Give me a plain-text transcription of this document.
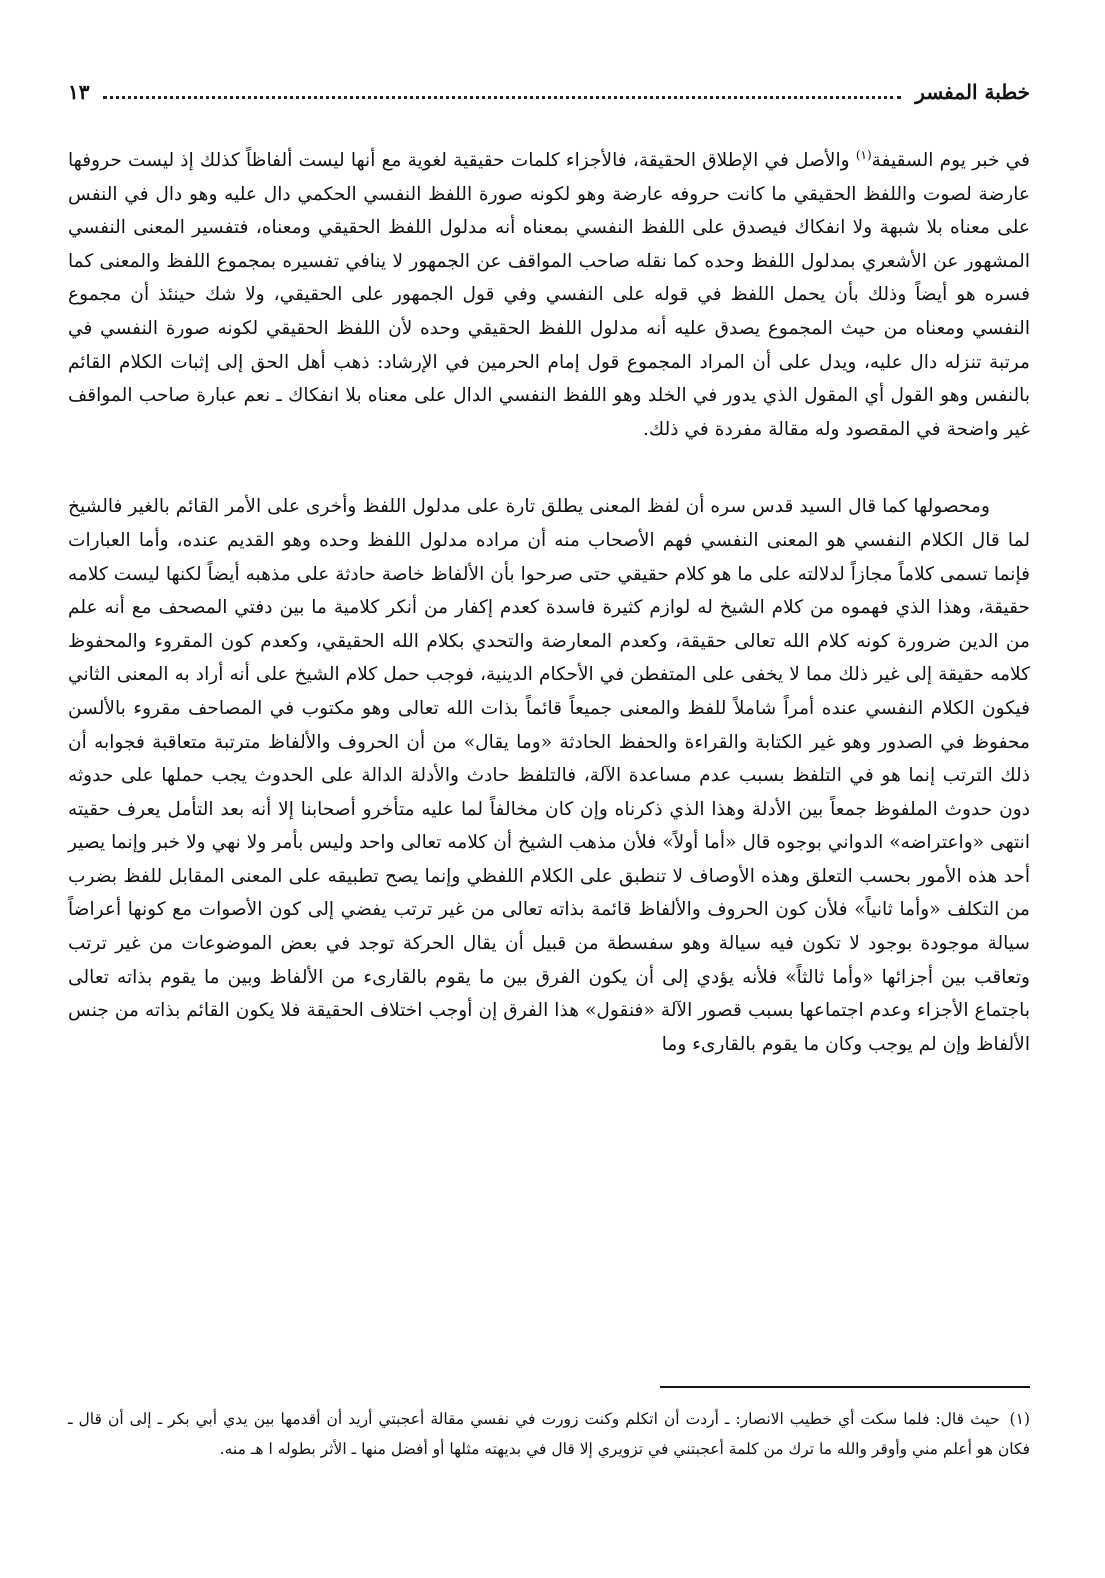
خطبة المفسر
١٣

في خبر يوم السقيفة$^{(١)}$ والأصل في الإطلاق الحقيقة، فالأجزاء كلمات حقيقية لغوية مع أنها ليست ألفاظاً كذلك إذ ليست حروفها عارضة لصوت واللفظ الحقيقي ما كانت حروفه عارضة وهو لكونه صورة اللفظ النفسي الحكمي دال عليه وهو دال في النفس على معناه بلا شبهة ولا انفكاك فيصدق على اللفظ النفسي بمعناه أنه مدلول اللفظ الحقيقي ومعناه، فتفسير المعنى النفسي المشهور عن الأشعري بمدلول اللفظ وحده كما نقله صاحب المواقف عن الجمهور لا ينافي تفسيره بمجموع اللفظ والمعنى كما فسره هو أيضاً وذلك بأن يحمل اللفظ في قوله على النفسي وفي قول الجمهور على الحقيقي، ولا شك حينئذ أن مجموع النفسي ومعناه من حيث المجموع يصدق عليه أنه مدلول اللفظ الحقيقي وحده لأن اللفظ الحقيقي لكونه صورة النفسي في مرتبة تنزله دال عليه، ويدل على أن المراد المجموع قول إمام الحرمين في الإرشاد: ذهب أهل الحق إلى إثبات الكلام القائم بالنفس وهو القول أي المقول الذي يدور في الخلد وهو اللفظ النفسي الدال على معناه بلا انفكاك ـ نعم عبارة صاحب المواقف غير واضحة في المقصود وله مقالة مفردة في ذلك.

ومحصولها كما قال السيد قدس سره أن لفظ المعنى يطلق تارة على مدلول اللفظ وأخرى على الأمر القائم بالغير فالشيخ لما قال الكلام النفسي هو المعنى النفسي فهم الأصحاب منه أن مراده مدلول اللفظ وحده وهو القديم عنده، وأما العبارات فإنما تسمى كلاماً مجازاً لدلالته على ما هو كلام حقيقي حتى صرحوا بأن الألفاظ خاصة حادثة على مذهبه أيضاً لكنها ليست كلامه حقيقة، وهذا الذي فهموه من كلام الشيخ له لوازم كثيرة فاسدة كعدم إكفار من أنكر كلامية ما بين دفتي المصحف مع أنه علم من الدين ضرورة كونه كلام الله تعالى حقيقة، وكعدم المعارضة والتحدي بكلام الله الحقيقي، وكعدم كون المقروء والمحفوظ كلامه حقيقة إلى غير ذلك مما لا يخفى على المتفطن في الأحكام الدينية، فوجب حمل كلام الشيخ على أنه أراد به المعنى الثاني فيكون الكلام النفسي عنده أمراً شاملاً للفظ والمعنى جميعاً قائماً بذات الله تعالى وهو مكتوب في المصاحف مقروء بالألسن محفوظ في الصدور وهو غير الكتابة والقراءة والحفظ الحادثة «وما يقال» من أن الحروف والألفاظ مترتبة متعاقبة فجوابه أن ذلك الترتب إنما هو في التلفظ بسبب عدم مساعدة الآلة، فالتلفظ حادث والأدلة الدالة على الحدوث يجب حملها على حدوثه دون حدوث الملفوظ جمعاً بين الأدلة وهذا الذي ذكرناه وإن كان مخالفاً لما عليه متأخرو أصحابنا إلا أنه بعد التأمل يعرف حقيته انتهى «واعتراضه» الدواني بوجوه قال «أما أولاً» فلأن مذهب الشيخ أن كلامه تعالى واحد وليس بأمر ولا نهي ولا خبر وإنما يصير أحد هذه الأمور بحسب التعلق وهذه الأوصاف لا تنطبق على الكلام اللفظي وإنما يصح تطبيقه على المعنى المقابل للفظ بضرب من التكلف «وأما ثانياً» فلأن كون الحروف والألفاظ قائمة بذاته تعالى من غير ترتب يفضي إلى كون الأصوات مع كونها أعراضاً سيالة موجودة بوجود لا تكون فيه سيالة وهو سفسطة من قبيل أن يقال الحركة توجد في بعض الموضوعات من غير ترتب وتعاقب بين أجزائها «وأما ثالثاً» فلأنه يؤدي إلى أن يكون الفرق بين ما يقوم بالقارىء من الألفاظ وبين ما يقوم بذاته تعالى باجتماع الأجزاء وعدم اجتماعها بسبب قصور الآلة «فنقول» هذا الفرق إن أوجب اختلاف الحقيقة فلا يكون القائم بذاته من جنس الألفاظ وإن لم يوجب وكان ما يقوم بالقارىء وما

(١)حيث قال: فلما سكت أي خطيب الانصار: ـ أردت أن اتكلم وكنت زورت في نفسي مقالة أعجبتي أريد أن أقدمها بين يدي أبي بكر ـ إلى أن قال ـ فكان هو أعلم مني وأوقر والله ما ترك من كلمة أعجبتني في تزويري إلا قال في بديهته مثلها أو أفضل منها ـ الأثر بطوله ا هـ منه.
